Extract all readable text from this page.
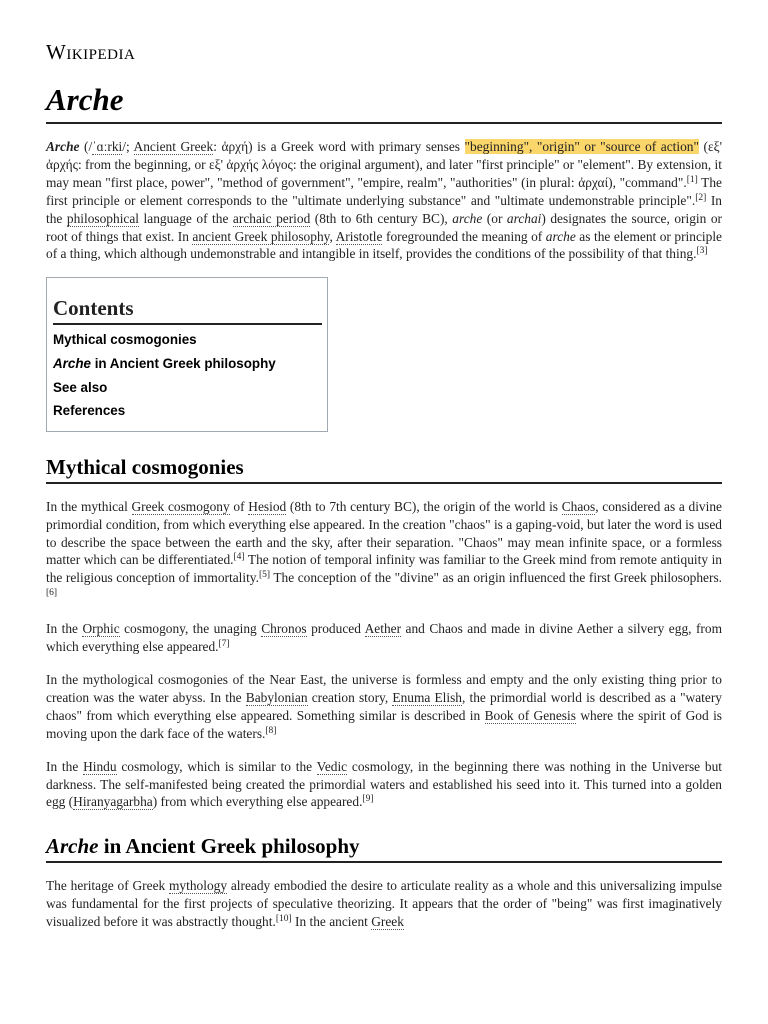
Wikipedia
Arche

Arche (/ˈɑːrki/; Ancient Greek: ἀρχή) is a Greek word with primary senses "beginning", "origin" or "source of action" (εξ' ἀρχής: from the beginning, or εξ' ἀρχής λόγος: the original argument), and later "first principle" or "element". By extension, it may mean "first place, power", "method of government", "empire, realm", "authorities" (in plural: ἀρχαί), "command".[1] The first principle or element corresponds to the "ultimate underlying substance" and "ultimate undemonstrable principle".[2] In the philosophical language of the archaic period (8th to 6th century BC), arche (or archai) designates the source, origin or root of things that exist. In ancient Greek philosophy, Aristotle foregrounded the meaning of arche as the element or principle of a thing, which although undemonstrable and intangible in itself, provides the conditions of the possibility of that thing.[3]

Contents
Mythical cosmogonies
Arche in Ancient Greek philosophy
See also
References
Mythical cosmogonies

In the mythical Greek cosmogony of Hesiod (8th to 7th century BC), the origin of the world is Chaos, considered as a divine primordial condition, from which everything else appeared. In the creation "chaos" is a gaping-void, but later the word is used to describe the space between the earth and the sky, after their separation. "Chaos" may mean infinite space, or a formless matter which can be differentiated.[4] The notion of temporal infinity was familiar to the Greek mind from remote antiquity in the religious conception of immortality.[5] The conception of the "divine" as an origin influenced the first Greek philosophers.[6]

In the Orphic cosmogony, the unaging Chronos produced Aether and Chaos and made in divine Aether a silvery egg, from which everything else appeared.[7]

In the mythological cosmogonies of the Near East, the universe is formless and empty and the only existing thing prior to creation was the water abyss. In the Babylonian creation story, Enuma Elish, the primordial world is described as a "watery chaos" from which everything else appeared. Something similar is described in Book of Genesis where the spirit of God is moving upon the dark face of the waters.[8]

In the Hindu cosmology, which is similar to the Vedic cosmology, in the beginning there was nothing in the Universe but darkness. The self-manifested being created the primordial waters and established his seed into it. This turned into a golden egg (Hiranyagarbha) from which everything else appeared.[9]

Arche in Ancient Greek philosophy

The heritage of Greek mythology already embodied the desire to articulate reality as a whole and this universalizing impulse was fundamental for the first projects of speculative theorizing. It appears that the order of "being" was first imaginatively visualized before it was abstractly thought.[10] In the ancient Greek
